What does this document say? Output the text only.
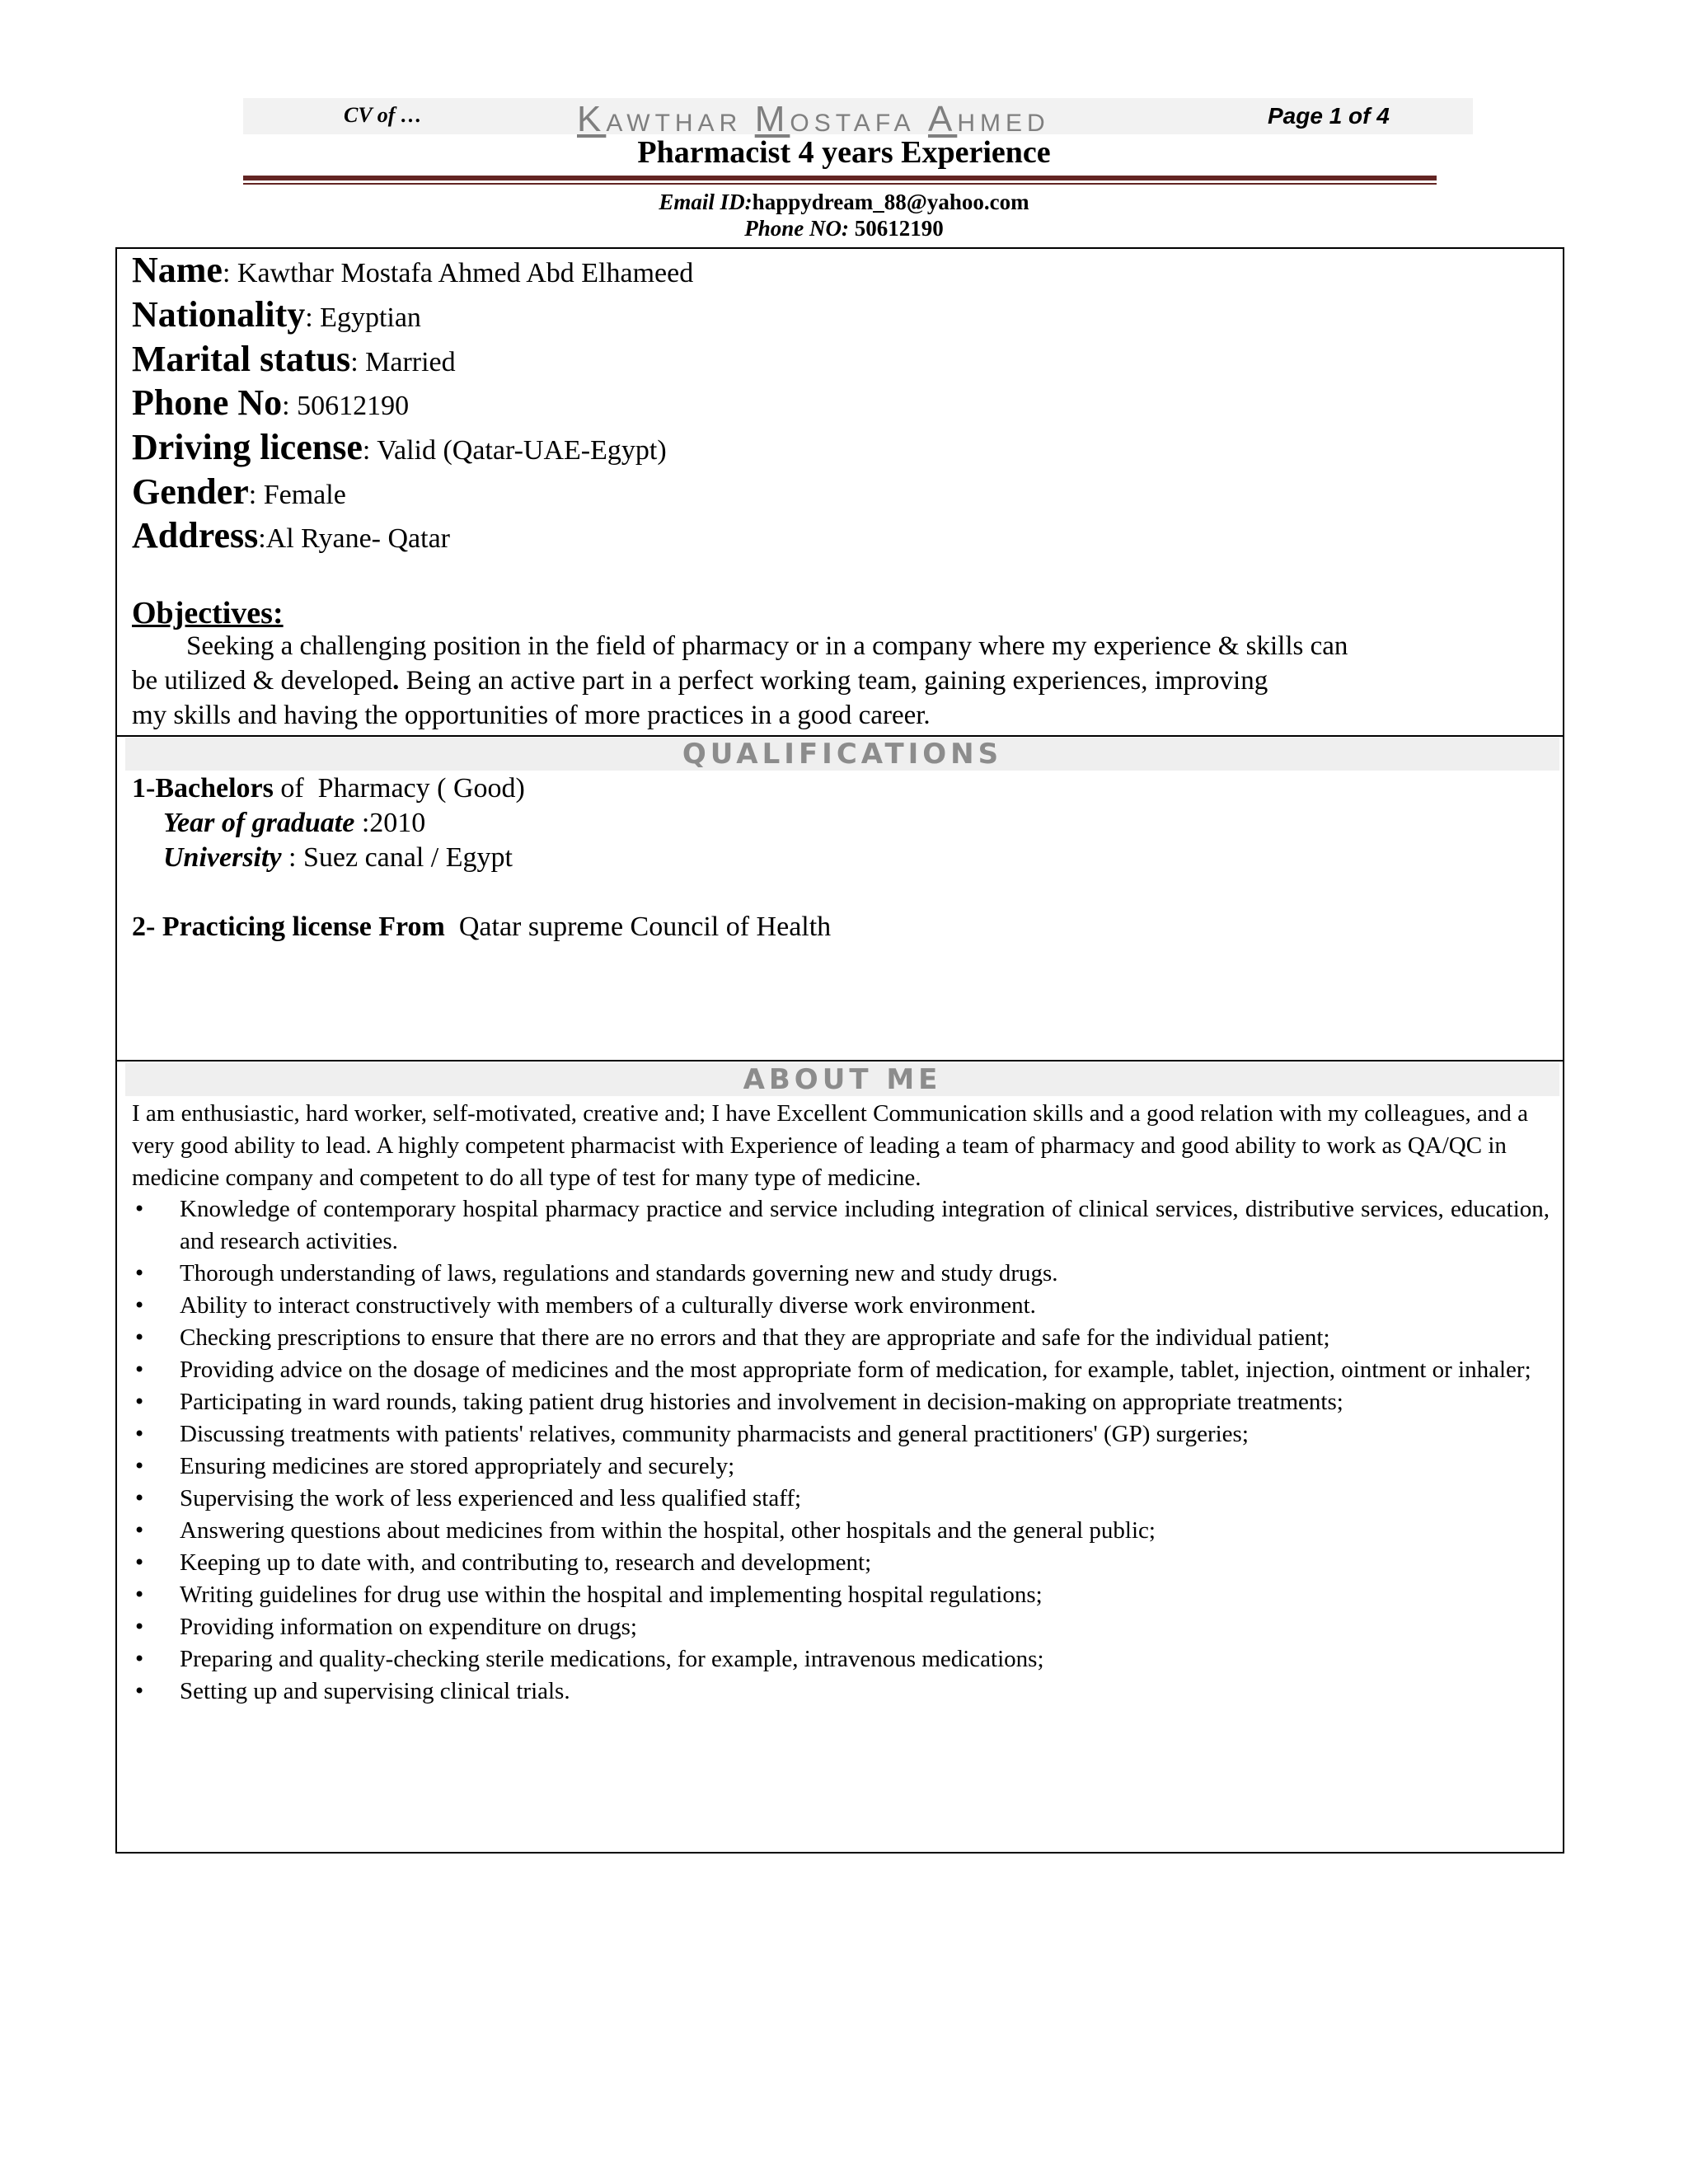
CV of …	KAWTHAR MOSTAFA AHMED	Page 1 of 4
Pharmacist 4 years Experience
Email ID:happydream_88@yahoo.com
Phone NO: 50612190
Name: Kawthar Mostafa Ahmed Abd Elhameed
Nationality: Egyptian
Marital status: Married
Phone No: 50612190
Driving license: Valid (Qatar-UAE-Egypt)
Gender: Female
Address:Al Ryane- Qatar
Objectives:
Seeking a challenging position in the field of pharmacy or in a company where my experience & skills can
be utilized & developed. Being an active part in a perfect working team, gaining experiences, improving
my skills and having the opportunities of more practices in a good career.
QUALIFICATIONS
1-Bachelors of  Pharmacy ( Good)
Year of graduate :2010
University : Suez canal / Egypt
2- Practicing license From  Qatar supreme Council of Health
ABOUT ME
I am enthusiastic, hard worker, self-motivated, creative and; I have Excellent Communication skills and a good relation with my colleagues, and a very good ability to lead. A highly competent pharmacist with Experience of leading a team of pharmacy and good ability to work as QA/QC in medicine company and competent to do all type of test for many type of medicine.
• Knowledge of contemporary hospital pharmacy practice and service including integration of clinical services, distributive services, education, and research activities.
• Thorough understanding of laws, regulations and standards governing new and study drugs.
• Ability to interact constructively with members of a culturally diverse work environment.
• Checking prescriptions to ensure that there are no errors and that they are appropriate and safe for the individual patient;
• Providing advice on the dosage of medicines and the most appropriate form of medication, for example, tablet, injection, ointment or inhaler;
• Participating in ward rounds, taking patient drug histories and involvement in decision-making on appropriate treatments;
• Discussing treatments with patients' relatives, community pharmacists and general practitioners' (GP) surgeries;
• Ensuring medicines are stored appropriately and securely;
• Supervising the work of less experienced and less qualified staff;
• Answering questions about medicines from within the hospital, other hospitals and the general public;
• Keeping up to date with, and contributing to, research and development;
• Writing guidelines for drug use within the hospital and implementing hospital regulations;
• Providing information on expenditure on drugs;
• Preparing and quality-checking sterile medications, for example, intravenous medications;
• Setting up and supervising clinical trials.
